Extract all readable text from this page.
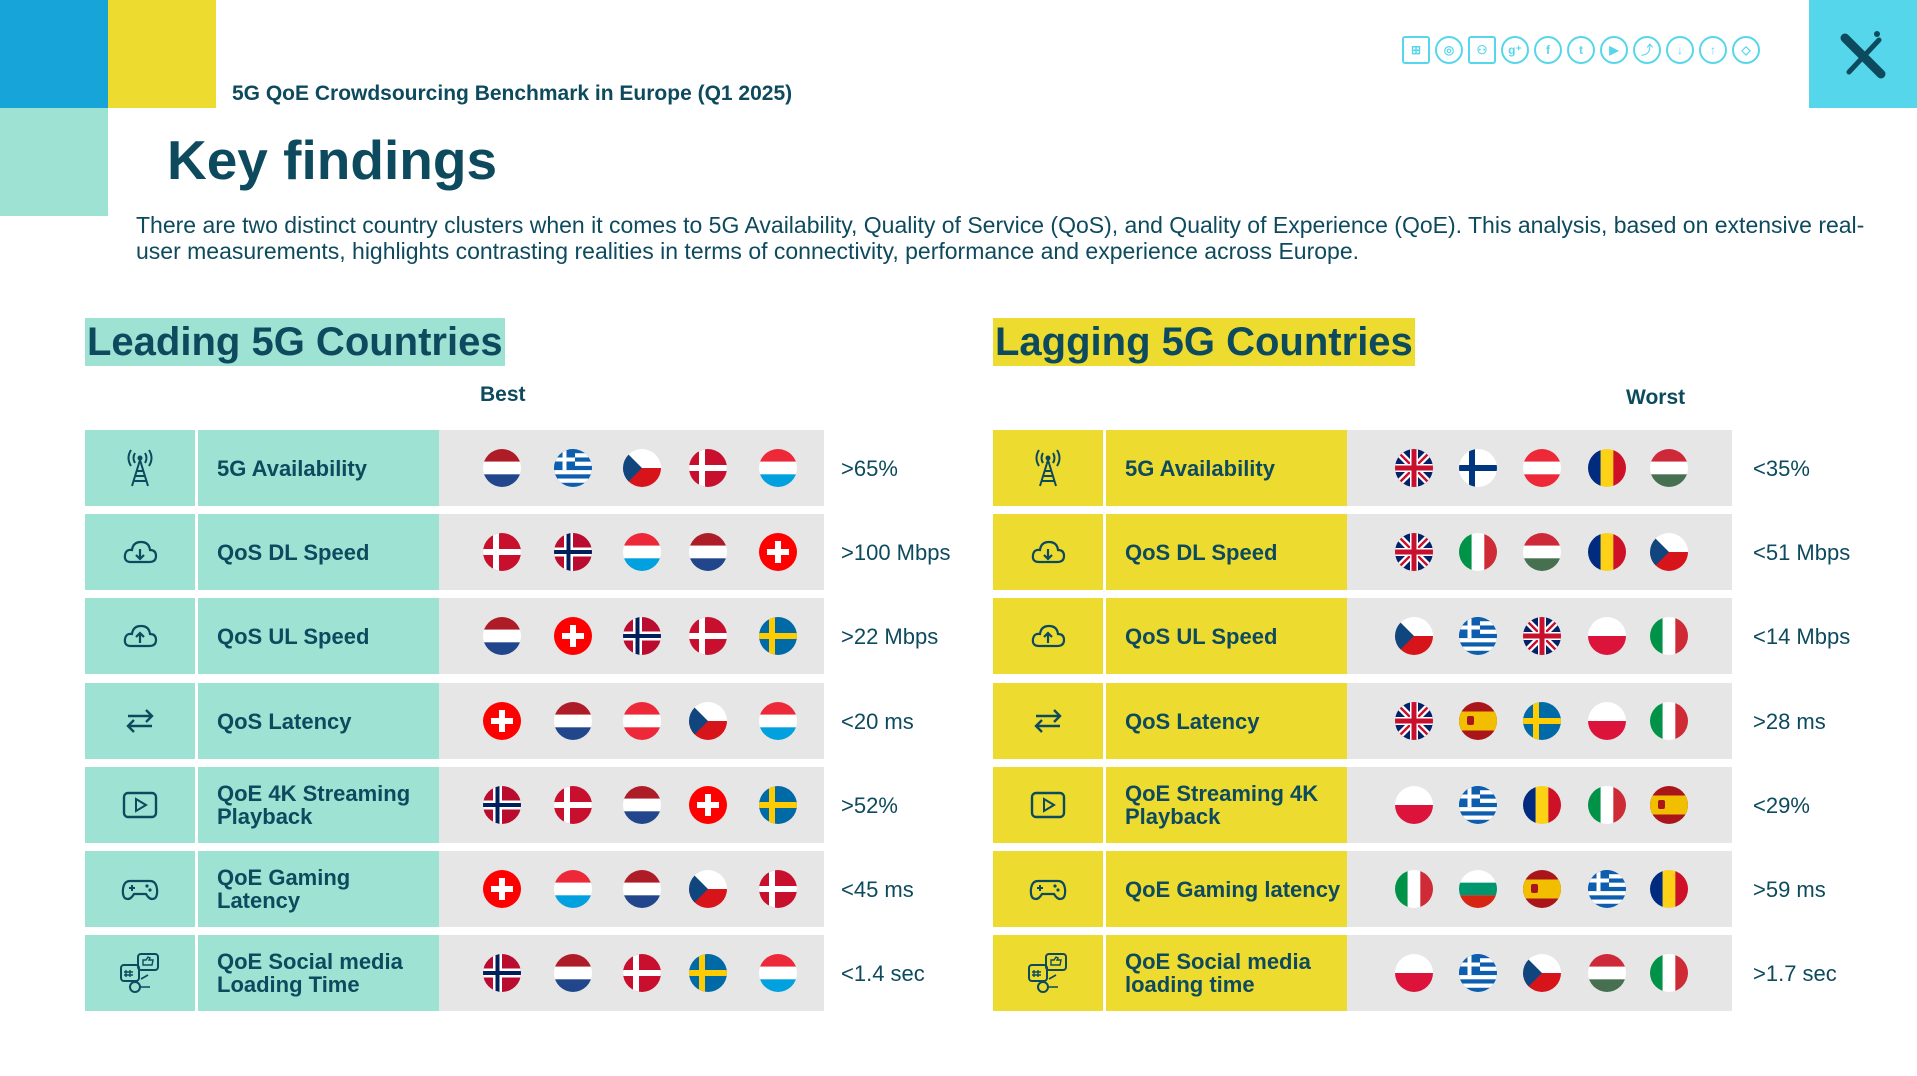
⊞	◎	⚇	g⁺	f	t	▶	⤴	↓	↑	◇
5G QoE Crowdsourcing Benchmark in Europe (Q1 2025)
Key findings

There are two distinct country clusters when it comes to 5G Availability, Quality of Service (QoS), and Quality of Experience (QoE). This analysis, based on extensive real-user measurements, highlights contrasting realities in terms of connectivity, performance and experience across Europe.

Leading 5G Countries	Lagging 5G Countries
Best	Worst
5G Availability	>65%
QoS DL Speed	>100 Mbps
QoS UL Speed	>22 Mbps
QoS Latency	<20 ms
QoE 4K Streaming Playback	>52%
QoE Gaming Latency	<45 ms
QoE Social media Loading Time	<1.4 sec
5G Availability	<35%
QoS DL Speed	<51 Mbps
QoS UL Speed	<14 Mbps
QoS Latency	>28 ms
QoE Streaming 4K Playback	<29%
QoE Gaming latency	>59 ms
QoE Social media loading time	>1.7 sec
